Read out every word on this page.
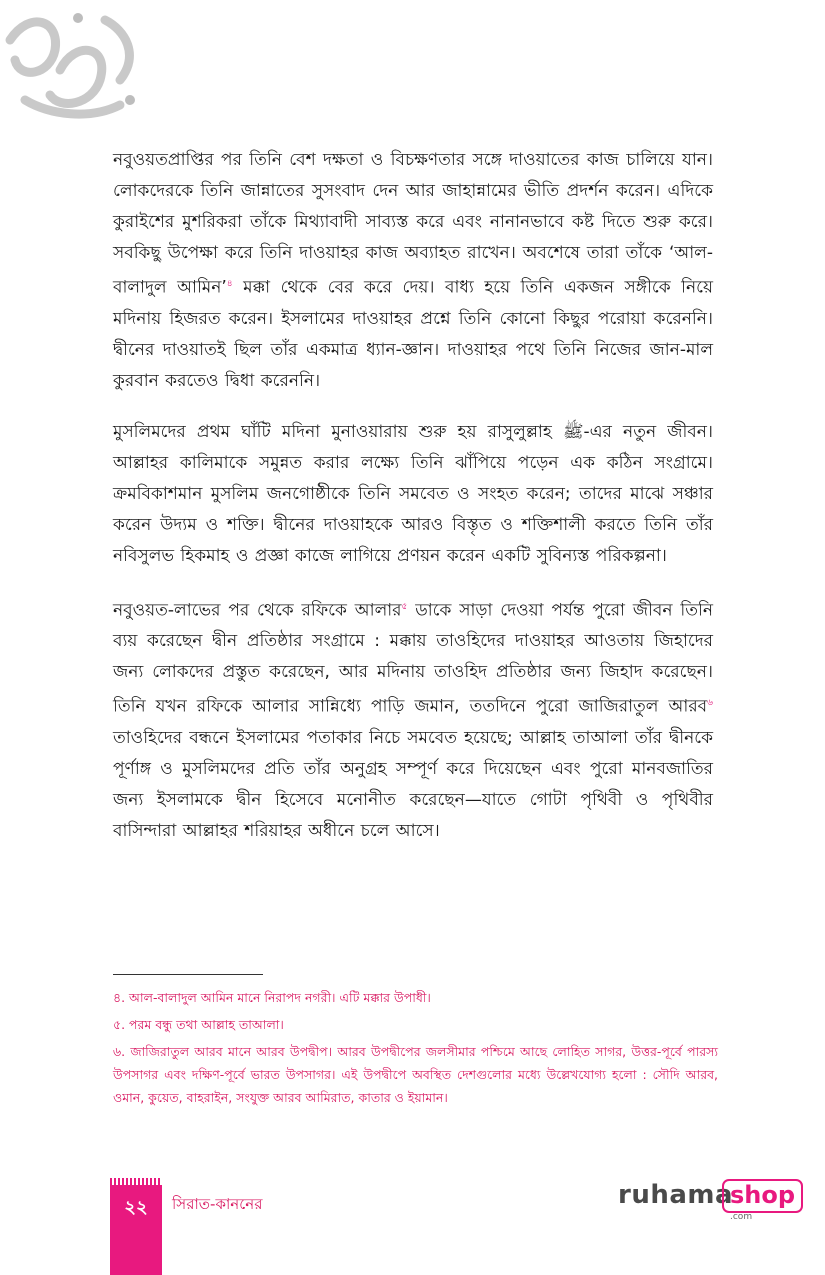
নবুওয়তপ্রাপ্তির পর তিনি বেশ দক্ষতা ও বিচক্ষণতার সঙ্গে দাওয়াতের কাজ চালিয়ে যান। লোকদেরকে তিনি জান্নাতের সুসংবাদ দেন আর জাহান্নামের ভীতি প্রদর্শন করেন। এদিকে কুরাইশের মুশরিকরা তাঁকে মিথ্যাবাদী সাব্যস্ত করে এবং নানানভাবে কষ্ট দিতে শুরু করে। সবকিছু উপেক্ষা করে তিনি দাওয়াহর কাজ অব্যাহত রাখেন। অবশেষে তারা তাঁকে ‘আল-বালাদুল আমিন’$^৪$ মক্কা থেকে বের করে দেয়। বাধ্য হয়ে তিনি একজন সঙ্গীকে নিয়ে মদিনায় হিজরত করেন। ইসলামের দাওয়াহর প্রশ্নে তিনি কোনো কিছুর পরোয়া করেননি। দ্বীনের দাওয়াতই ছিল তাঁর একমাত্র ধ্যান-জ্ঞান। দাওয়াহর পথে তিনি নিজের জান-মাল কুরবান করতেও দ্বিধা করেননি।

মুসলিমদের প্রথম ঘাঁটি মদিনা মুনাওয়ারায় শুরু হয় রাসুলুল্লাহ ﷺ-এর নতুন জীবন। আল্লাহর কালিমাকে সমুন্নত করার লক্ষ্যে তিনি ঝাঁপিয়ে পড়েন এক কঠিন সংগ্রামে। ক্রমবিকাশমান মুসলিম জনগোষ্ঠীকে তিনি সমবেত ও সংহত করেন; তাদের মাঝে সঞ্চার করেন উদ্যম ও শক্তি। দ্বীনের দাওয়াহকে আরও বিস্তৃত ও শক্তিশালী করতে তিনি তাঁর নবিসুলভ হিকমাহ ও প্রজ্ঞা কাজে লাগিয়ে প্রণয়ন করেন একটি সুবিন্যস্ত পরিকল্পনা।

নবুওয়ত-লাভের পর থেকে রফিকে আলার$^৫$ ডাকে সাড়া দেওয়া পর্যন্ত পুরো জীবন তিনি ব্যয় করেছেন দ্বীন প্রতিষ্ঠার সংগ্রামে : মক্কায় তাওহিদের দাওয়াহর আওতায় জিহাদের জন্য লোকদের প্রস্তুত করেছেন, আর মদিনায় তাওহিদ প্রতিষ্ঠার জন্য জিহাদ করেছেন। তিনি যখন রফিকে আলার সান্নিধ্যে পাড়ি জমান, ততদিনে পুরো জাজিরাতুল আরব$^৬$ তাওহিদের বন্ধনে ইসলামের পতাকার নিচে সমবেত হয়েছে; আল্লাহ তাআলা তাঁর দ্বীনকে পূর্ণাঙ্গ ও মুসলিমদের প্রতি তাঁর অনুগ্রহ সম্পূর্ণ করে দিয়েছেন এবং পুরো মানবজাতির জন্য ইসলামকে দ্বীন হিসেবে মনোনীত করেছেন—যাতে গোটা পৃথিবী ও পৃথিবীর বাসিন্দারা আল্লাহর শরিয়াহর অধীনে চলে আসে।

৪. আল-বালাদুল আমিন মানে নিরাপদ নগরী। এটি মক্কার উপাধী।

৫. পরম বন্ধু তথা আল্লাহ তাআলা।

৬. জাজিরাতুল আরব মানে আরব উপদ্বীপ। আরব উপদ্বীপের জলসীমার পশ্চিমে আছে লোহিত সাগর, উত্তর-পূর্বে পারস্য উপসাগর এবং দক্ষিণ-পূর্বে ভারত উপসাগর। এই উপদ্বীপে অবস্থিত দেশগুলোর মধ্যে উল্লেখযোগ্য হলো : সৌদি আরব, ওমান, কুয়েত, বাহরাইন, সংযুক্ত আরব আমিরাত, কাতার ও ইয়ামান।

২২	সিরাত-কাননের	ruhama
shop
.com
